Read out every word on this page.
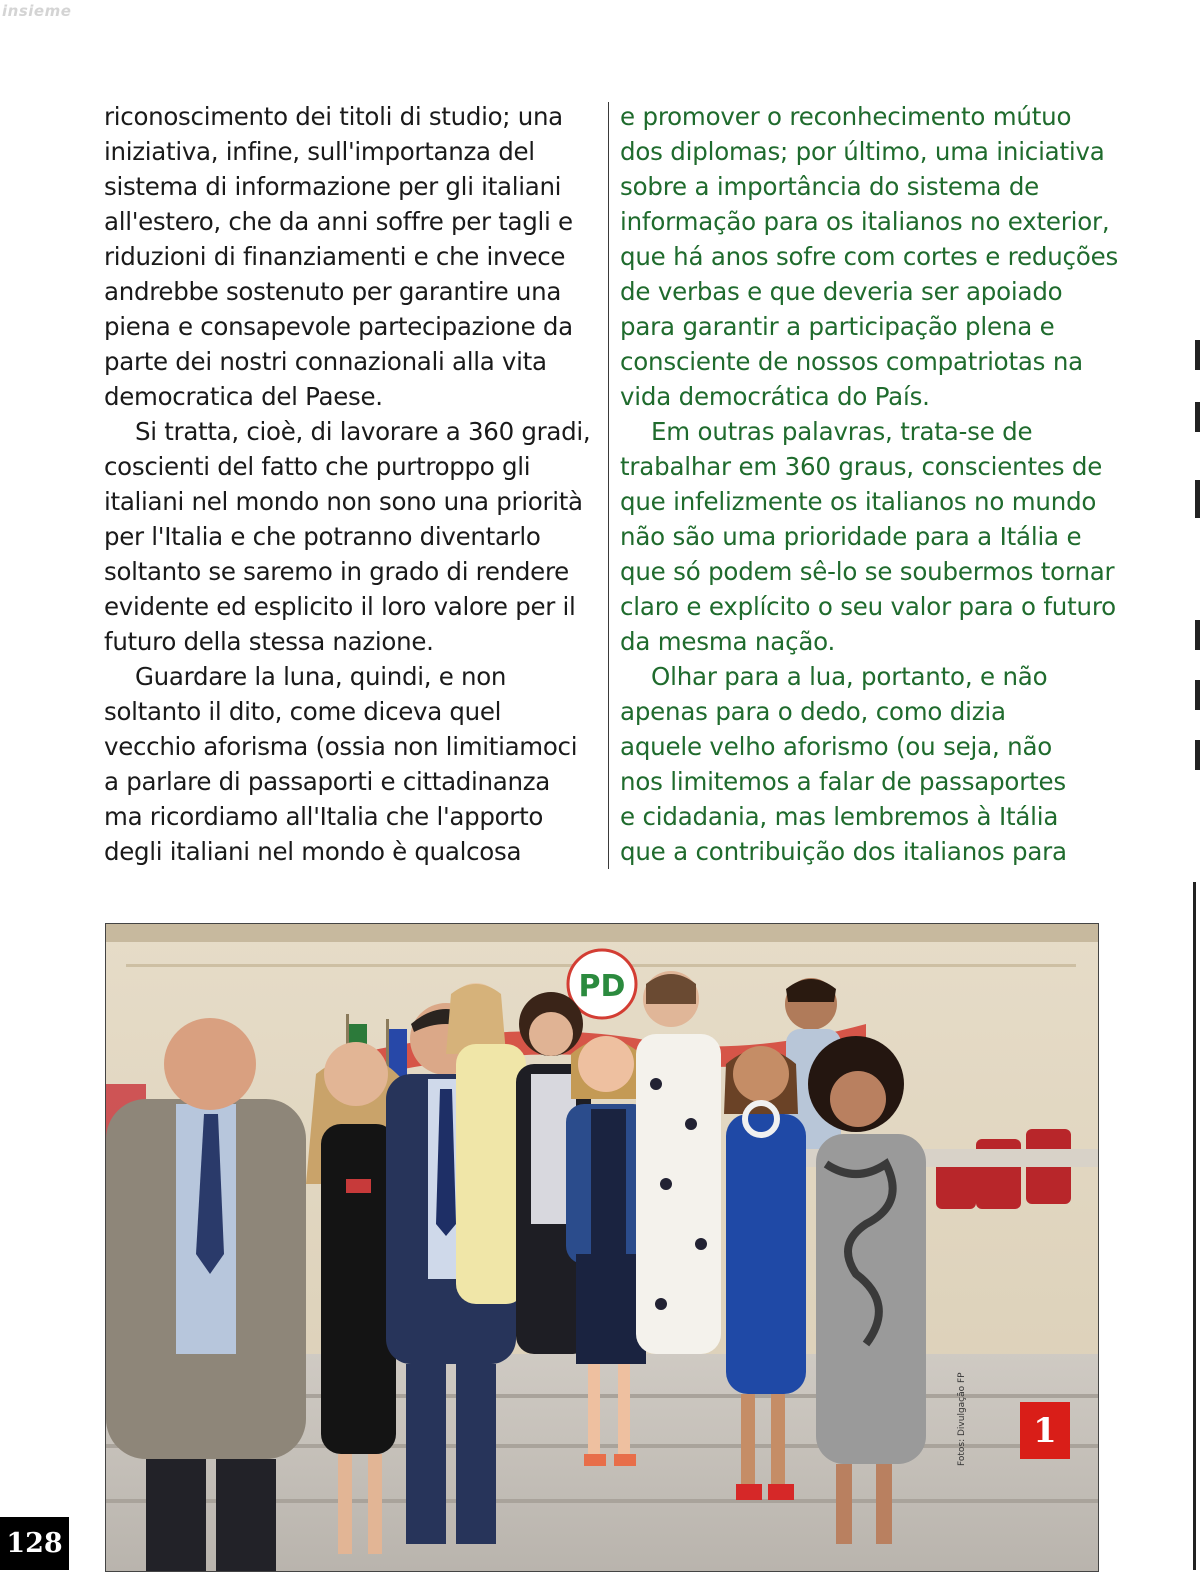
insieme

riconoscimento dei titoli di studio; una
iniziativa, infine, sull'importanza del
sistema di informazione per gli italiani
all'estero, che da anni soffre per tagli e
riduzioni di finanziamenti e che invece
andrebbe sostenuto per garantire una
piena e consapevole partecipazione da
parte dei nostri connazionali alla vita
democratica del Paese.

Si tratta, cioè, di lavorare a 360 gradi,
coscienti del fatto che purtroppo gli
italiani nel mondo non sono una priorità
per l'Italia e che potranno diventarlo
soltanto se saremo in grado di rendere
evidente ed esplicito il loro valore per il
futuro della stessa nazione.

Guardare la luna, quindi, e non
soltanto il dito, come diceva quel
vecchio aforisma (ossia non limitiamoci
a parlare di passaporti e cittadinanza
ma ricordiamo all'Italia che l'apporto
degli italiani nel mondo è qualcosa

e promover o reconhecimento mútuo
dos diplomas; por último, uma iniciativa
sobre a importância do sistema de
informação para os italianos no exterior,
que há anos sofre com cortes e reduções
de verbas e que deveria ser apoiado
para garantir a participação plena e
consciente de nossos compatriotas na
vida democrática do País.

Em outras palavras, trata-se de
trabalhar em 360 graus, conscientes de
que infelizmente os italianos no mundo
não são uma prioridade para a Itália e
que só podem sê-lo se soubermos tornar
claro e explícito o seu valor para o futuro
da mesma nação.

Olhar para a lua, portanto, e não
apenas para o dedo, como dizia
aquele velho aforismo (ou seja, não
nos limitemos a falar de passaportes
e cidadania, mas lembremos à Itália
que a contribuição dos italianos para

PD
Fotos: Divulgação FP	1
128
